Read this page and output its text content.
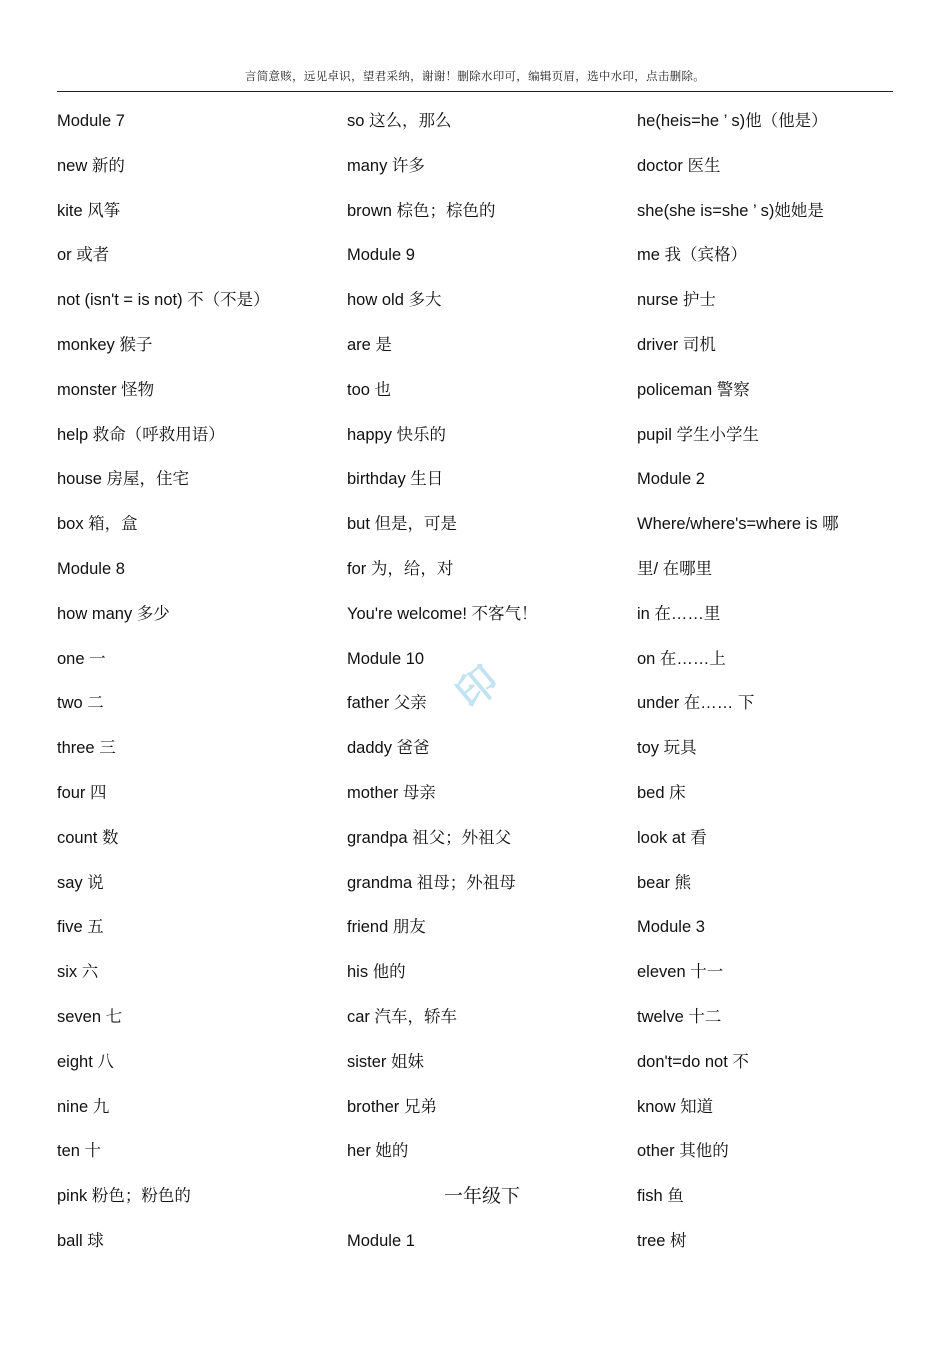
言简意赅，远见卓识，望君采纳，谢谢！删除水印可，编辑页眉，选中水印，点击删除。
Module 7
new 新的
kite 风筝
or 或者
not (isn't = is not) 不（不是）
monkey 猴子
monster 怪物
help 救命（呼救用语）
house 房屋，住宅
box 箱，盒
Module 8
how many 多少
one 一
two 二
three 三
four 四
count 数
say 说
five 五
six 六
seven 七
eight 八
nine 九
ten 十
pink 粉色；粉色的
ball 球
so 这么，那么
many 许多
brown 棕色；棕色的
Module 9
how old 多大
are 是
too 也
happy 快乐的
birthday 生日
but 但是，可是
for 为，给，对
You're welcome! 不客气！
Module 10
father 父亲
daddy 爸爸
mother 母亲
grandpa 祖父；外祖父
grandma 祖母；外祖母
friend 朋友
his 他的
car 汽车，轿车
sister 姐妹
brother 兄弟
her 她的
一年级下
Module 1
he(heis=he ’ s)他（他是）
doctor 医生
she(she is=she ’ s)她她是
me 我（宾格）
nurse 护士
driver 司机
policeman 警察
pupil 学生小学生
Module 2
Where/where's=where is 哪
里/ 在哪里
in 在……里
on 在……上
under 在…… 下
toy 玩具
bed 床
look at 看
bear 熊
Module 3
eleven 十一
twelve 十二
don't=do not 不
know 知道
other 其他的
fish 鱼
tree 树
印
